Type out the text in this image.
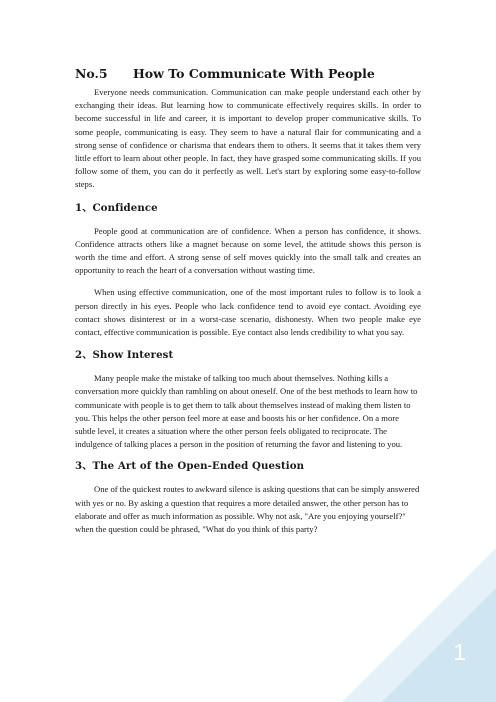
No.5 How To Communicate With People

Everyone needs communication. Communication can make people understand each other by exchanging their ideas. But learning how to communicate effectively requires skills. In order to become successful in life and career, it is important to develop proper communicative skills. To some people, communicating is easy. They seem to have a natural flair for communicating and a strong sense of confidence or charisma that endears them to others. It seems that it takes them very little effort to learn about other people. In fact, they have grasped some communicating skills. If you follow some of them, you can do it perfectly as well. Let's start by exploring some easy-to-follow steps.

1、Confidence

People good at communication are of confidence. When a person has confidence, it shows. Confidence attracts others like a magnet because on some level, the attitude shows this person is worth the time and effort. A strong sense of self moves quickly into the small talk and creates an opportunity to reach the heart of a conversation without wasting time.

When using effective communication, one of the most important rules to follow is to look a person directly in his eyes. People who lack confidence tend to avoid eye contact. Avoiding eye contact shows disinterest or in a worst-case scenario, dishonesty. When two people make eye contact, effective communication is possible. Eye contact also lends credibility to what you say.

2、Show Interest

Many people make the mistake of talking too much about themselves. Nothing kills a conversation more quickly than rambling on about oneself. One of the best methods to learn how to communicate with people is to get them to talk about themselves instead of making them listen to you. This helps the other person feel more at ease and boosts his or her confidence. On a more subtle level, it creates a situation where the other person feels obligated to reciprocate. The indulgence of talking places a person in the position of returning the favor and listening to you.

3、The Art of the Open-Ended Question

One of the quickest routes to awkward silence is asking questions that can be simply answered with yes or no. By asking a question that requires a more detailed answer, the other person has to elaborate and offer as much information as possible. Why not ask, "Are you enjoying yourself?" when the question could be phrased, "What do you think of this party?

1
